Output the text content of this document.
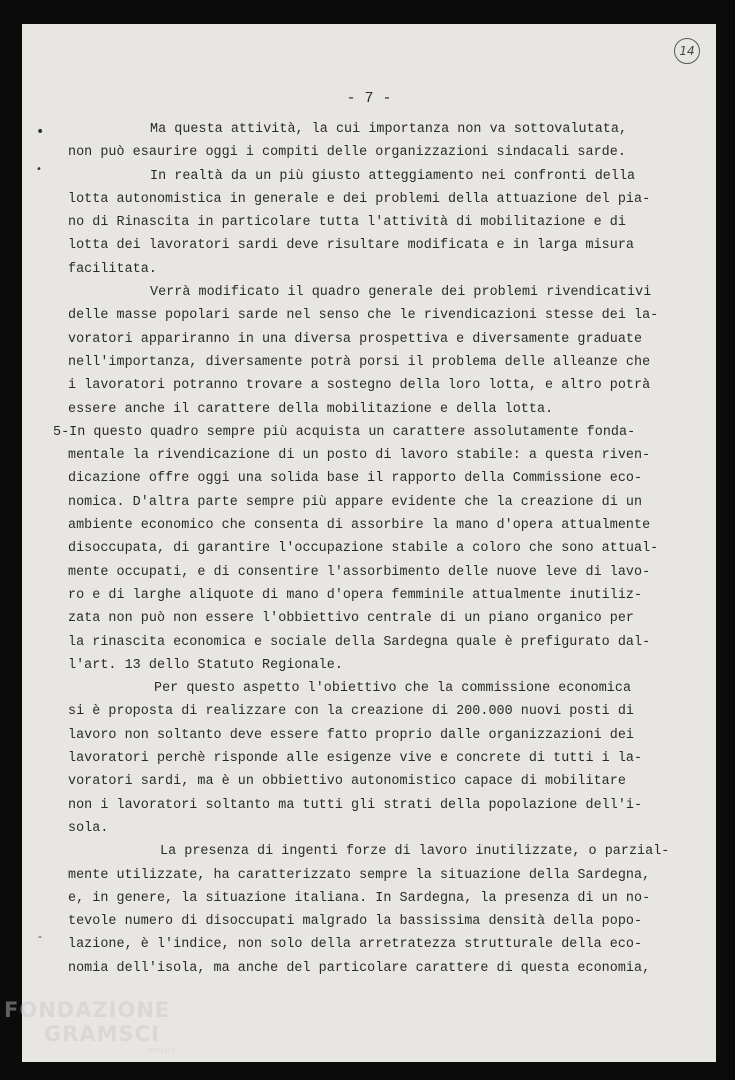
14
- 7 -
•
•
-
Ma questa attività, la cui importanza non va sottovalutata,
non può esaurire oggi i compiti delle organizzazioni sindacali sarde.
In realtà da un più giusto atteggiamento nei confronti della
lotta autonomistica in generale e dei problemi della attuazione del pia-
no di Rinascita in particolare tutta l'attività di mobilitazione e di
lotta dei lavoratori sardi deve risultare modificata e in larga misura
facilitata.
Verrà modificato il quadro generale dei problemi rivendicativi
delle masse popolari sarde nel senso che le rivendicazioni stesse dei la-
voratori appariranno in una diversa prospettiva e diversamente graduate
nell'importanza, diversamente potrà porsi il problema delle alleanze che
i lavoratori potranno trovare a sostegno della loro lotta, e altro potrà
essere anche il carattere della mobilitazione e della lotta.
5-In questo quadro sempre più acquista un carattere assolutamente fonda-
mentale la rivendicazione di un posto di lavoro stabile: a questa riven-
dicazione offre oggi una solida base il rapporto della Commissione eco-
nomica. D'altra parte sempre più appare evidente che la creazione di un
ambiente economico che consenta di assorbire la mano d'opera attualmente
disoccupata, di garantire l'occupazione stabile a coloro che sono attual-
mente occupati, e di consentire l'assorbimento delle nuove leve di lavo-
ro e di larghe aliquote di mano d'opera femminile attualmente inutiliz-
zata non può non essere l'obbiettivo centrale di un piano organico per
la rinascita economica e sociale della Sardegna quale è prefigurato dal-
l'art. 13 dello Statuto Regionale.
Per questo aspetto l'obiettivo che la commissione economica
si è proposta di realizzare con la creazione di 200.000 nuovi posti di
lavoro non soltanto deve essere fatto proprio dalle organizzazioni dei
lavoratori perchè risponde alle esigenze vive e concrete di tutti i la-
voratori sardi, ma è un obbiettivo autonomistico capace di mobilitare
non i lavoratori soltanto ma tutti gli strati della popolazione dell'i-
sola.
La presenza di ingenti forze di lavoro inutilizzate, o parzial-
mente utilizzate, ha caratterizzato sempre la situazione della Sardegna,
e, in genere, la situazione italiana. In Sardegna, la presenza di un no-
tevole numero di disoccupati malgrado la bassissima densità della popo-
lazione, è l'indice, non solo della arretratezza strutturale della eco-
nomia dell'isola, ma anche del particolare carattere di questa economia,
FONDAZIONE
GRAMSCI
onlus
